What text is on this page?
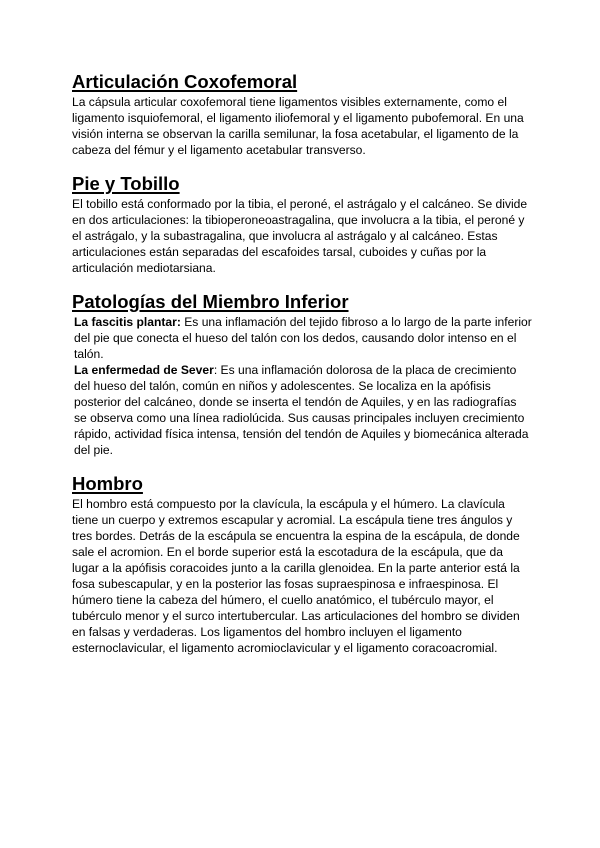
Articulación Coxofemoral

La cápsula articular coxofemoral tiene ligamentos visibles externamente, como el ligamento isquiofemoral, el ligamento iliofemoral y el ligamento pubofemoral. En una visión interna se observan la carilla semilunar, la fosa acetabular, el ligamento de la cabeza del fémur y el ligamento acetabular transverso.

Pie y Tobillo

El tobillo está conformado por la tibia, el peroné, el astrágalo y el calcáneo. Se divide en dos articulaciones: la tibioperoneoastragalina, que involucra a la tibia, el peroné y el astrágalo, y la subastragalina, que involucra al astrágalo y al calcáneo. Estas articulaciones están separadas del escafoides tarsal, cuboides y cuñas por la articulación mediotarsiana.

Patologías del Miembro Inferior

La fascitis plantar: Es una inflamación del tejido fibroso a lo largo de la parte inferior del pie que conecta el hueso del talón con los dedos, causando dolor intenso en el talón.

La enfermedad de Sever: Es una inflamación dolorosa de la placa de crecimiento del hueso del talón, común en niños y adolescentes. Se localiza en la apófisis posterior del calcáneo, donde se inserta el tendón de Aquiles, y en las radiografías se observa como una línea radiolúcida. Sus causas principales incluyen crecimiento rápido, actividad física intensa, tensión del tendón de Aquiles y biomecánica alterada del pie.

Hombro

El hombro está compuesto por la clavícula, la escápula y el húmero. La clavícula tiene un cuerpo y extremos escapular y acromial. La escápula tiene tres ángulos y tres bordes. Detrás de la escápula se encuentra la espina de la escápula, de donde sale el acromion. En el borde superior está la escotadura de la escápula, que da lugar a la apófisis coracoides junto a la carilla glenoidea. En la parte anterior está la fosa subescapular, y en la posterior las fosas supraespinosa e infraespinosa. El húmero tiene la cabeza del húmero, el cuello anatómico, el tubérculo mayor, el tubérculo menor y el surco intertubercular. Las articulaciones del hombro se dividen en falsas y verdaderas. Los ligamentos del hombro incluyen el ligamento esternoclavicular, el ligamento acromioclavicular y el ligamento coracoacromial.
